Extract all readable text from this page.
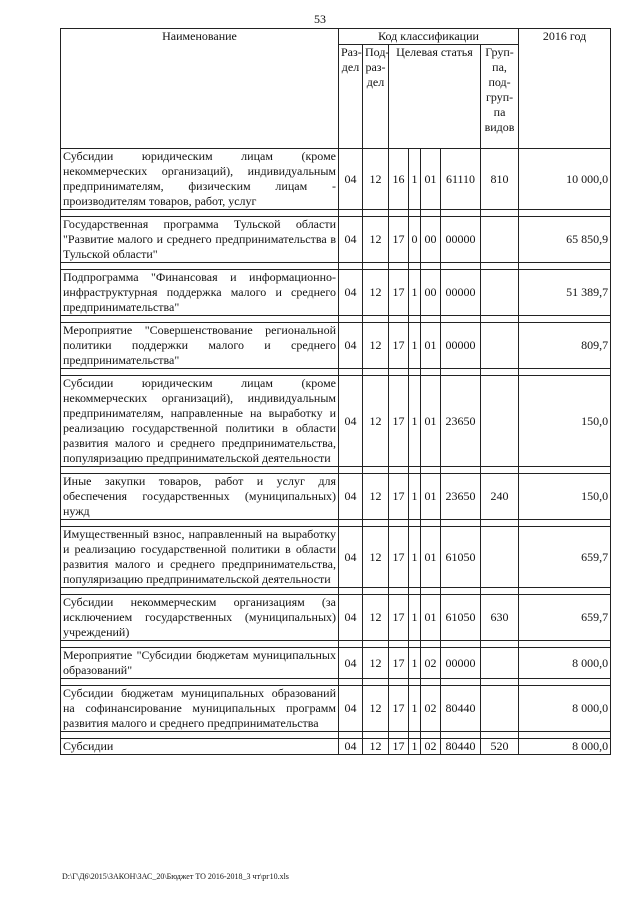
53
Наименование	Код классификации							2016 год
	Раз-дел	Под-раз-дел	Целевая статья				Груп-па, под-груп-па видов	
Субсидии юридическим лицам (кроме некоммерческих организаций), индивидуальным предпринимателям, физическим лицам - производителям товаров, работ, услуг	04	12	16	1	01	61110	810	10 000,0

Государственная программа Тульской области "Развитие малого и среднего предпринимательства в Тульской области"	04	12	17	0	00	00000		65 850,9

Подпрограмма "Финансовая и информационно-инфраструктурная поддержка малого и среднего предпринимательства"	04	12	17	1	00	00000		51 389,7

Мероприятие "Совершенствование региональной политики поддержки малого и среднего предпринимательства"	04	12	17	1	01	00000		809,7

Субсидии юридическим лицам (кроме некоммерческих организаций), индивидуальным предпринимателям, направленные на выработку и реализацию государственной политики в области развития малого и среднего предпринимательства, популяризацию предпринимательской деятельности	04	12	17	1	01	23650		150,0

Иные закупки товаров, работ и услуг для обеспечения государственных (муниципальных) нужд	04	12	17	1	01	23650	240	150,0

Имущественный взнос, направленный на выработку и реализацию государственной политики в области развития малого и среднего предпринимательства, популяризацию предпринимательской деятельности	04	12	17	1	01	61050		659,7

Субсидии некоммерческим организациям (за исключением государственных (муниципальных) учреждений)	04	12	17	1	01	61050	630	659,7

Мероприятие "Субсидии бюджетам муниципальных образований"	04	12	17	1	02	00000		8 000,0

Субсидии бюджетам муниципальных образований на софинансирование муниципальных программ развития малого и среднего предпринимательства	04	12	17	1	02	80440		8 000,0

Субсидии	04	12	17	1	02	80440	520	8 000,0
D:\Г\Д6\2015\ЗАКОН\ЗАС_20\Бюджет ТО 2016-2018_3 чт\рг10.xls
